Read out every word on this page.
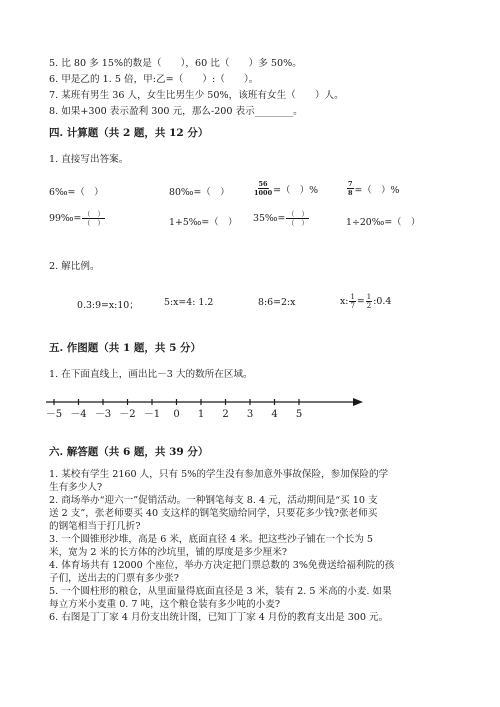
5. 比 80 多 15%的数是（　　），60 比（　　）多 50%。
6. 甲是乙的 1. 5 倍，甲:乙=（　　）:（　　）。
7. 某班有男生 36 人，女生比男生少 50%，该班有女生（　　）人。
8. 如果+300 表示盈利 300 元，那么-200 表示________。
四. 计算题（共 2 题，共 12 分）
1. 直接写出答案。
6‰=（　）	80‰=（　）	$\frac{56}{1000}$ =（　）%	$\frac{7}{8}$ =（　）%
99‰= $\frac{( )}{( )}$	1+5‰=（　） 35‰= $\frac{( )}{( )}$	1÷20‰=（　）
2. 解比例。
0.3:9=x:10；	5:x=4: 1.2	8:6=2:x	x: $\frac{1}{7} = \frac{1}{2}$ :0.4
五. 作图题（共 1 题，共 5 分）
1. 在下面直线上，画出比－3 大的数所在区域。
－5 －4 －3 －2 －1 0 1 2 3 4 5
六. 解答题（共 6 题，共 39 分）
1. 某校有学生 2160 人，只有 5%的学生没有参加意外事故保险，参加保险的学
生有多少人?
2. 商场举办“迎六一”促销活动。一种钢笔每支 8. 4 元，活动期间是“买 10 支
送 2 支”，张老师要买 40 支这样的钢笔奖励给同学，只要花多少钱?张老师买
的钢笔相当于打几折?
3. 一个圆锥形沙堆，高是 6 米，底面直径 4 米。把这些沙子铺在一个长为 5
米，宽为 2 米的长方体的沙坑里，铺的厚度是多少厘米?
4. 体育场共有 12000 个座位，举办方决定把门票总数的 3%免费送给福利院的孩
子们，送出去的门票有多少张?
5. 一个圆柱形的粮仓，从里面量得底面直径是 3 米，装有 2. 5 米高的小麦. 如果
每立方米小麦重 0. 7 吨，这个粮仓装有多少吨的小麦?
6. 右图是丁丁家 4 月份支出统计图，已知丁丁家 4 月份的教育支出是 300 元。
